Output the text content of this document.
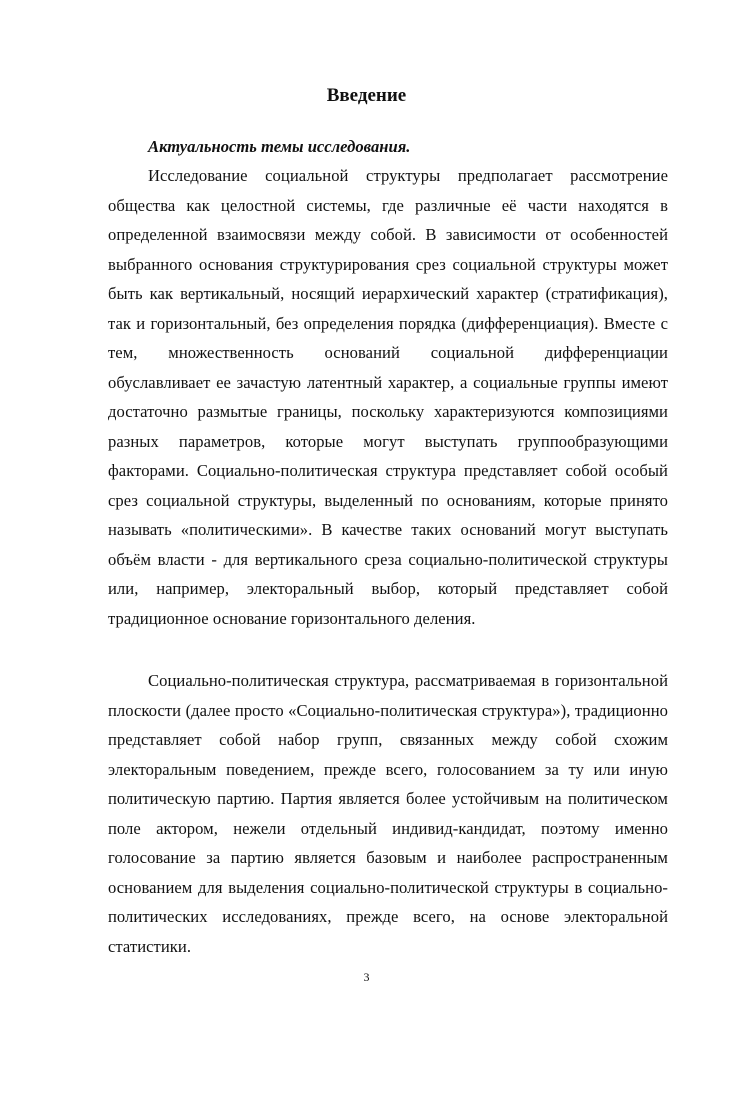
Введение
Актуальность темы исследования.

Исследование социальной структуры предполагает рассмотрение общества как целостной системы, где различные её части находятся в определенной взаимосвязи между собой. В зависимости от особенностей выбранного основания структурирования срез социальной структуры может быть как вертикальный, носящий иерархический характер (стратификация), так и горизонтальный, без определения порядка (дифференциация). Вместе с тем, множественность оснований социальной дифференциации обуславливает ее зачастую латентный характер, а социальные группы имеют достаточно размытые границы, поскольку характеризуются композициями разных параметров, которые могут выступать группообразующими факторами. Социально-политическая структура представляет собой особый срез социальной структуры, выделенный по основаниям, которые принято называть «политическими». В качестве таких оснований могут выступать объём власти - для вертикального среза социально-политической структуры или, например, электоральный выбор, который представляет собой традиционное основание горизонтального деления.

Социально-политическая структура, рассматриваемая в горизонтальной плоскости (далее просто «Социально-политическая структура»), традиционно представляет собой набор групп, связанных между собой схожим электоральным поведением, прежде всего, голосованием за ту или иную политическую партию. Партия является более устойчивым на политическом поле актором, нежели отдельный индивид-кандидат, поэтому именно голосование за партию является базовым и наиболее распространенным основанием для выделения социально-политической структуры в социально-политических исследованиях, прежде всего, на основе электоральной статистики.

3
